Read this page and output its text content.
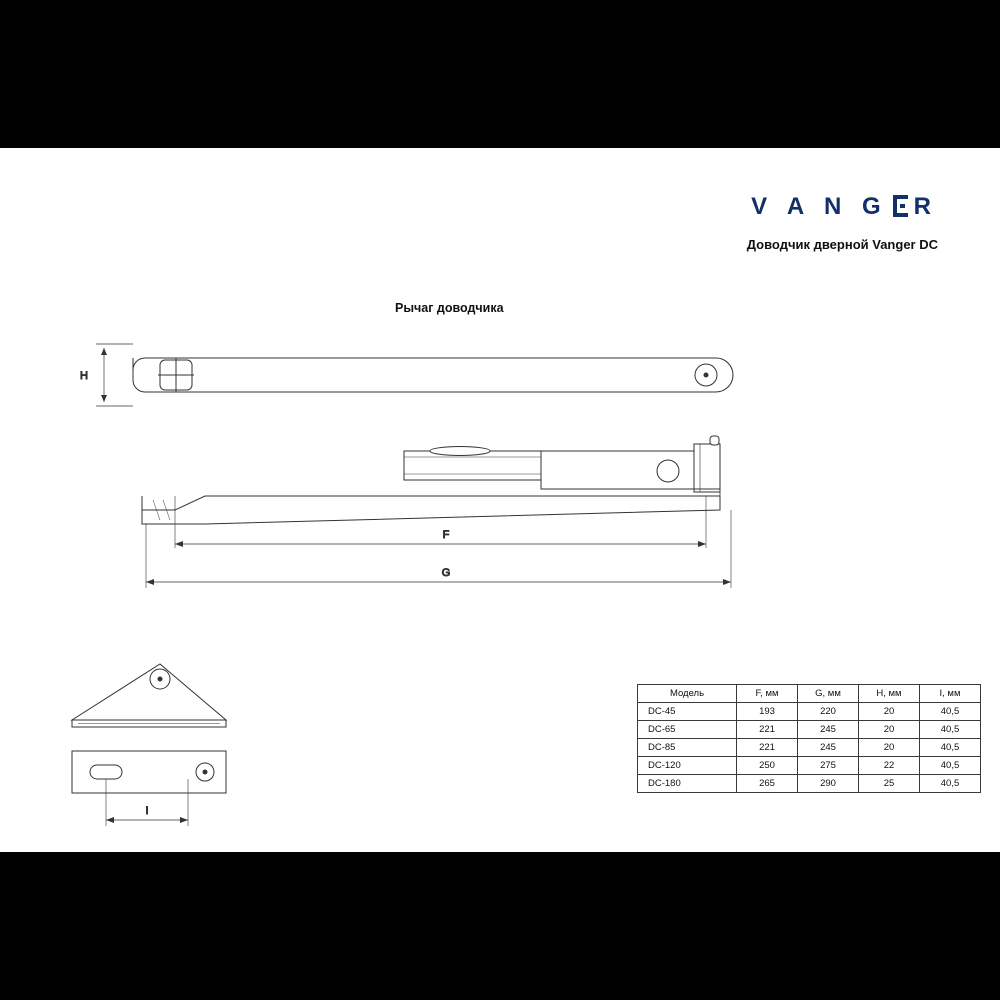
V A N G R
Доводчик дверной Vanger DC
Рычаг доводчика
H
F
G
I
Модель	F, мм	G, мм	H, мм	I, мм
DC-45	193	220	20	40,5
DC-65	221	245	20	40,5
DC-85	221	245	20	40,5
DC-120	250	275	22	40,5
DC-180	265	290	25	40,5
